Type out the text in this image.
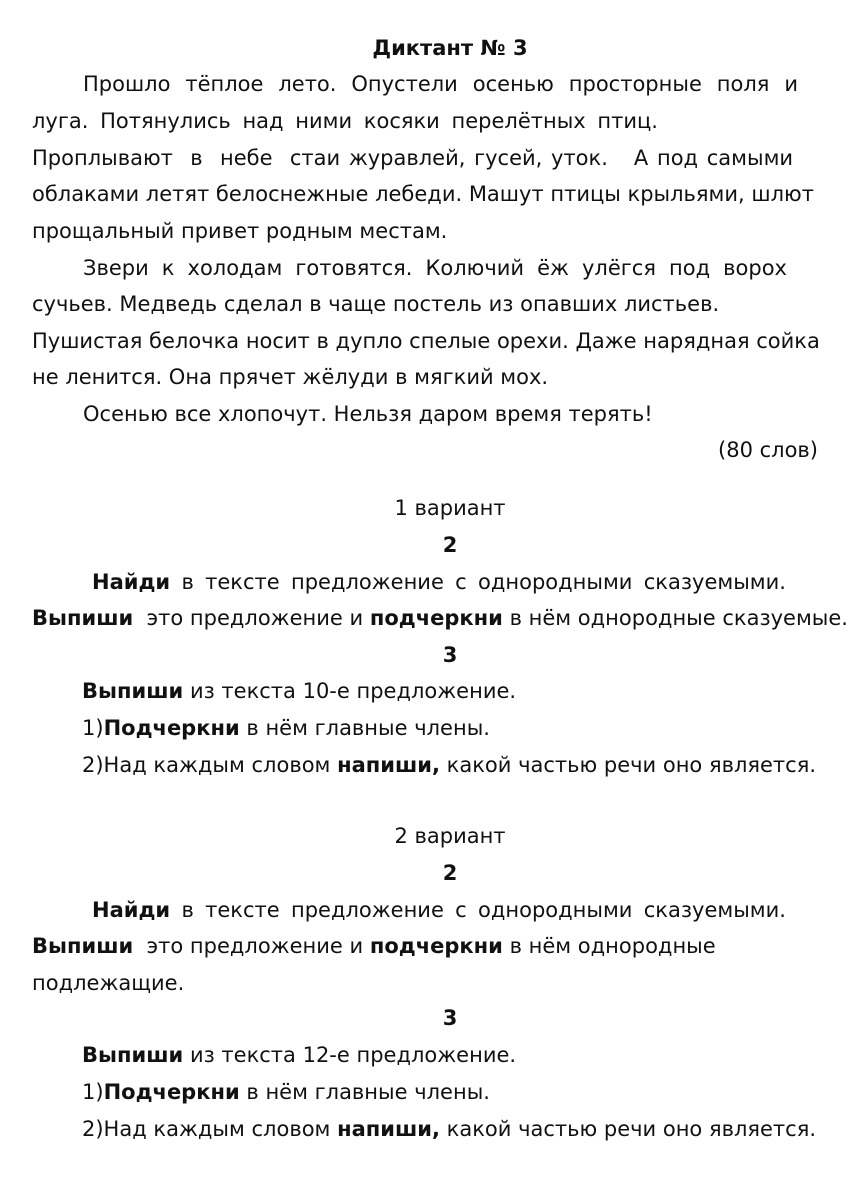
Диктант № 3
Прошло тёплое лето. Опустели осенью просторные поля и
луга. Потянулись над ними косяки перелётных птиц.
Проплывают в небе стаи журавлей, гусей, уток. А под самыми
облаками летят белоснежные лебеди. Машут птицы крыльями, шлют
прощальный привет родным местам.
Звери к холодам готовятся. Колючий ёж улёгся под ворох
сучьев. Медведь сделал в чаще постель из опавших листьев.
Пушистая белочка носит в дупло спелые орехи. Даже нарядная сойка
не ленится. Она прячет жёлуди в мягкий мох.
Осенью все хлопочут. Нельзя даром время терять!
(80 слов)
1 вариант
2
Найди в тексте предложение с однородными сказуемыми.
Выпиши это предложение и подчеркни в нём однородные сказуемые.
3
Выпиши из текста 10-е предложение.
1)Подчеркни в нём главные члены.
2)Над каждым словом напиши, какой частью речи оно является.
2 вариант
2
Найди в тексте предложение с однородными сказуемыми.
Выпиши это предложение и подчеркни в нём однородные
подлежащие.
3
Выпиши из текста 12-е предложение.
1)Подчеркни в нём главные члены.
2)Над каждым словом напиши, какой частью речи оно является.
